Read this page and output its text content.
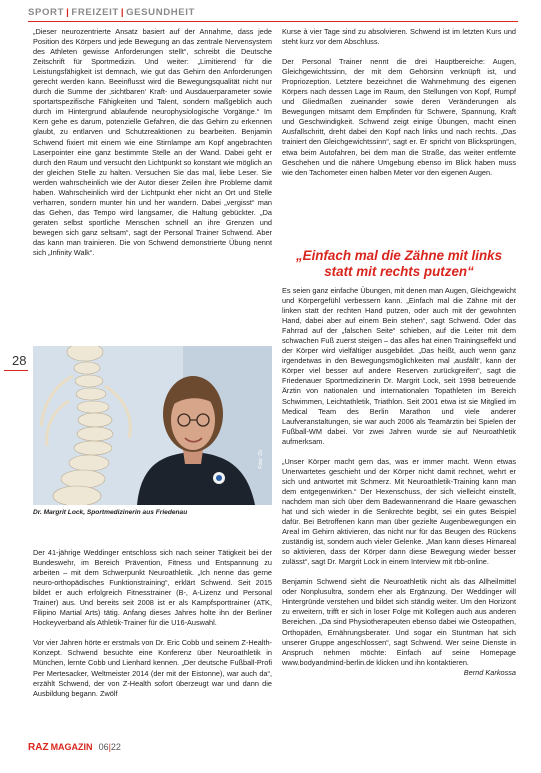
SPORT | FREIZEIT | GESUNDHEIT
28

„Dieser neurozentrierte Ansatz basiert auf der Annahme, dass jede Position des Körpers und jede Bewegung an das zentrale Nervensystem des Athleten gewisse Anforderungen stellt“, schreibt die Deutsche Zeitschrift für Sportmedizin. Und weiter: „Limitierend für die Leistungsfähigkeit ist demnach, wie gut das Gehirn den Anforderungen gerecht werden kann. Beeinflusst wird die Bewegungsqualität nicht nur durch die Summe der ‚sichtbaren‘ Kraft- und Ausdauerparameter sowie sportartspezifische Fähigkeiten und Talent, sondern maßgeblich auch durch im Hintergrund ablaufende neurophysiologische Vorgänge.“ Im Kern gehe es darum, potenzielle Gefahren, die das Gehirn zu erkennen glaubt, zu entlarven und Schutzreaktionen zu bearbeiten. Benjamin Schwend fixiert mit einem wie eine Stirnlampe am Kopf angebrachten Laserpointer eine ganz bestimmte Stelle an der Wand. Dabei geht er durch den Raum und versucht den Lichtpunkt so konstant wie möglich an der gleichen Stelle zu halten. Versuchen Sie das mal, liebe Leser. Sie werden wahrscheinlich wie der Autor dieser Zeilen ihre Probleme damit haben. Wahrscheinlich wird der Lichtpunkt eher nicht an Ort und Stelle verharren, sondern munter hin und her wandern. Dabei „vergisst“ man das Gehen, das Tempo wird langsamer, die Haltung gebückter. „Da geraten selbst sportliche Menschen schnell an ihre Grenzen und bewegen sich ganz seltsam“, sagt der Personal Trainer Schwend. Aber das kann man trainieren. Die von Schwend demonstrierte Übung nennt sich „Infinity Walk“.

Foto: Zb
Dr. Margrit Lock, Sportmedizinerin aus Friedenau

Der 41-jährige Weddinger entschloss sich nach seiner Tätigkeit bei der Bundeswehr, im Bereich Prävention, Fitness und Entspannung zu arbeiten – mit dem Schwerpunkt Neuroathletik. „Ich nenne das gerne neuro-orthopädisches Funktionstraining“, erklärt Schwend. Seit 2015 bildet er auch erfolgreich Fitnesstrainer (B-, A-Lizenz und Personal Trainer) aus. Und bereits seit 2008 ist er als Kampfsporttrainer (ATK, Filipino Martial Arts) tätig. Anfang dieses Jahres holte ihn der Berliner Hockeyverband als Athletik-Trainer für die U16-Auswahl.

Vor vier Jahren hörte er erstmals von Dr. Eric Cobb und seinem Z-Health-Konzept. Schwend besuchte eine Konferenz über Neuroathletik in München, lernte Cobb und Lienhard kennen. „Der deutsche Fußball-Profi Per Mertesacker, Weltmeister 2014 (der mit der Eistonne), war auch da“, erzählt Schwend, der von Z-Health sofort überzeugt war und dann die Ausbildung begann. Zwölf

Kurse à vier Tage sind zu absolvieren. Schwend ist im letzten Kurs und steht kurz vor dem Abschluss.

Der Personal Trainer nennt die drei Hauptbereiche: Augen, Gleichgewichtssinn, der mit dem Gehörsinn verknüpft ist, und Propriozeption. Letztere bezeichnet die Wahrnehmung des eigenen Körpers nach dessen Lage im Raum, den Stellungen von Kopf, Rumpf und Gliedmaßen zueinander sowie deren Veränderungen als Bewegungen mitsamt dem Empfinden für Schwere, Spannung, Kraft und Geschwindigkeit. Schwend zeigt einige Übungen, macht einen Ausfallschritt, dreht dabei den Kopf nach links und nach rechts. „Das trainiert den Gleichgewichtssinn“, sagt er. Er spricht von Blicksprüngen, etwa beim Autofahren, bei dem man die Straße, das weiter entfernte Geschehen und die nähere Umgebung ebenso im Blick haben muss wie den Tachometer einen halben Meter vor den eigenen Augen.

„Einfach mal die Zähne mit links statt mit rechts putzen“

Es seien ganz einfache Übungen, mit denen man Augen, Gleichgewicht und Körpergefühl verbessern kann. „Einfach mal die Zähne mit der linken statt der rechten Hand putzen, oder auch mit der gewohnten Hand, dabei aber auf einem Bein stehen“, sagt Schwend. Oder das Fahrrad auf der „falschen Seite“ schieben, auf die Leiter mit dem schwachen Fuß zuerst steigen – das alles hat einen Trainingseffekt und der Körper wird vielfältiger ausgebildet. „Das heißt, auch wenn ganz irgendetwas in den Bewegungsmöglichkeiten mal ‚ausfällt‘, kann der Körper viel besser auf andere Reserven zurückgreifen“, sagt die Friedenauer Sportmedizinerin Dr. Margrit Lock, seit 1998 betreuende Ärztin von nationalen und internationalen Topathleten im Bereich Schwimmen, Leichtathletik, Triathlon. Seit 2001 etwa ist sie Mitglied im Medical Team des Berlin Marathon und viele anderer Laufveranstaltungen, sie war auch 2006 als Teamärztin bei Spielen der Fußball-WM dabei. Vor zwei Jahren wurde sie auf Neuroathletik aufmerksam.

„Unser Körper macht gern das, was er immer macht. Wenn etwas Unerwartetes geschieht und der Körper nicht damit rechnet, wehrt er sich und antwortet mit Schmerz. Mit Neuroathletik-Training kann man dem entgegenwirken.“ Der Hexenschuss, der sich vielleicht einstellt, nachdem man sich über dem Badewannenrand die Haare gewaschen hat und sich wieder in die Senkrechte begibt, sei ein gutes Beispiel dafür. Bei Betroffenen kann man über gezielte Augenbewegungen ein Areal im Gehirn aktivieren, das nicht nur für das Beugen des Rückens zuständig ist, sondern auch vieler Gelenke. „Man kann dieses Hirnareal so aktivieren, dass der Körper dann diese Bewegung wieder besser zulässt“, sagt Dr. Margrit Lock in einem Interview mit rbb-online.

Benjamin Schwend sieht die Neuroathletik nicht als das Allheilmittel oder Nonplusultra, sondern eher als Ergänzung. Der Weddinger will Hintergründe verstehen und bildet sich ständig weiter. Um den Horizont zu erweitern, trifft er sich in loser Folge mit Kollegen auch aus anderen Bereichen. „Da sind Physiotherapeuten ebenso dabei wie Osteopathen, Orthopäden, Ernährungsberater. Und sogar ein Stuntman hat sich unserer Gruppe angeschlossen“, sagt Schwend. Wer seine Dienste in Anspruch nehmen möchte: Einfach auf seine Homepage www.bodyandmind-berlin.de klicken und ihn kontaktieren.
Bernd Karkossa

RAZ MAGAZIN 06|22
